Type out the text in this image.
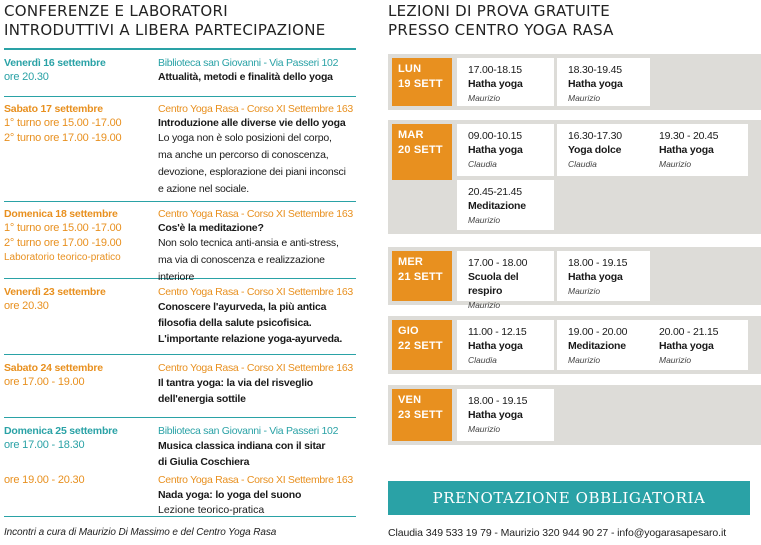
CONFERENZE E LABORATORI
INTRODUTTIVI A LIBERA PARTECIPAZIONE
Venerdì 16 settembre
ore 20.30
Biblioteca san Giovanni - Via Passeri 102
Attualità, metodi e finalità dello yoga
Sabato 17 settembre
1° turno ore 15.00 -17.00
2° turno ore 17.00 -19.00
Centro Yoga Rasa - Corso XI Settembre 163
Introduzione alle diverse vie dello yoga
Lo yoga non è solo posizioni del corpo,
ma anche un percorso di conoscenza,
devozione, esplorazione dei piani inconsci
e azione nel sociale.
Domenica 18 settembre
1° turno ore 15.00 -17.00
2° turno ore 17.00 -19.00
Laboratorio teorico-pratico
Centro Yoga Rasa - Corso XI Settembre 163
Cos'è la meditazione?
Non solo tecnica anti-ansia e anti-stress,
ma via di conoscenza e realizzazione interiore
Venerdì 23 settembre
ore 20.30
Centro Yoga Rasa - Corso XI Settembre 163
Conoscere l'ayurveda, la più antica
filosofia della salute psicofisica.
L'importante relazione yoga-ayurveda.
Sabato 24 settembre
ore 17.00 - 19.00
Centro Yoga Rasa - Corso XI Settembre 163
Il tantra yoga: la via del risveglio
dell'energia sottile
Domenica 25 settembre
ore 17.00 - 18.30
Biblioteca san Giovanni - Via Passeri 102
Musica classica indiana con il sitar
di Giulia Coschiera
ore 19.00 - 20.30	Centro Yoga Rasa - Corso XI Settembre 163
Nada yoga: lo yoga del suono
Lezione teorico-pratica
Incontri a cura di Maurizio Di Massimo e del Centro Yoga Rasa
LEZIONI DI PROVA GRATUITE
PRESSO CENTRO YOGA RASA
LUN
19 SETT
17.00-18.15
Hatha yoga
Maurizio
18.30-19.45
Hatha yoga
Maurizio
MAR
20 SETT
09.00-10.15
Hatha yoga
Claudia
16.30-17.30
Yoga dolce
Claudia
19.30 - 20.45
Hatha yoga
Maurizio
20.45-21.45
Meditazione
Maurizio
MER
21 SETT
17.00 - 18.00
Scuola del respiro
Maurizio
18.00 - 19.15
Hatha yoga
Maurizio
GIO
22 SETT
11.00 - 12.15
Hatha yoga
Claudia
19.00 - 20.00
Meditazione
Maurizio
20.00 - 21.15
Hatha yoga
Maurizio
VEN
23 SETT
18.00 - 19.15
Hatha yoga
Maurizio
PRENOTAZIONE OBBLIGATORIA
Claudia 349 533 19 79 - Maurizio 320 944 90 27 - info@yogarasapesaro.it
